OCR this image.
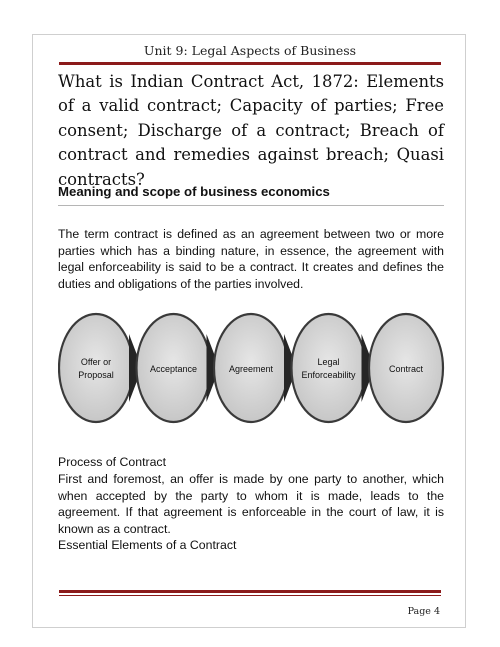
Unit 9: Legal Aspects of Business
What is Indian Contract Act, 1872: Elements of a valid contract; Capacity of parties; Free consent; Discharge of a contract; Breach of contract and remedies against breach; Quasi contracts?
Meaning and scope of business economics
The term contract is defined as an agreement between two or more parties which has a binding nature, in essence, the agreement with legal enforceability is said to be a contract. It creates and defines the duties and obligations of the parties involved.
Offer or
Proposal
Acceptance	Agreement
Legal
Enforceability
Contract
Process of Contract
First and foremost, an offer is made by one party to another, which when accepted by the party to whom it is made, leads to the agreement. If that agreement is enforceable in the court of law, it is known as a contract.
Essential Elements of a Contract
Page 4
